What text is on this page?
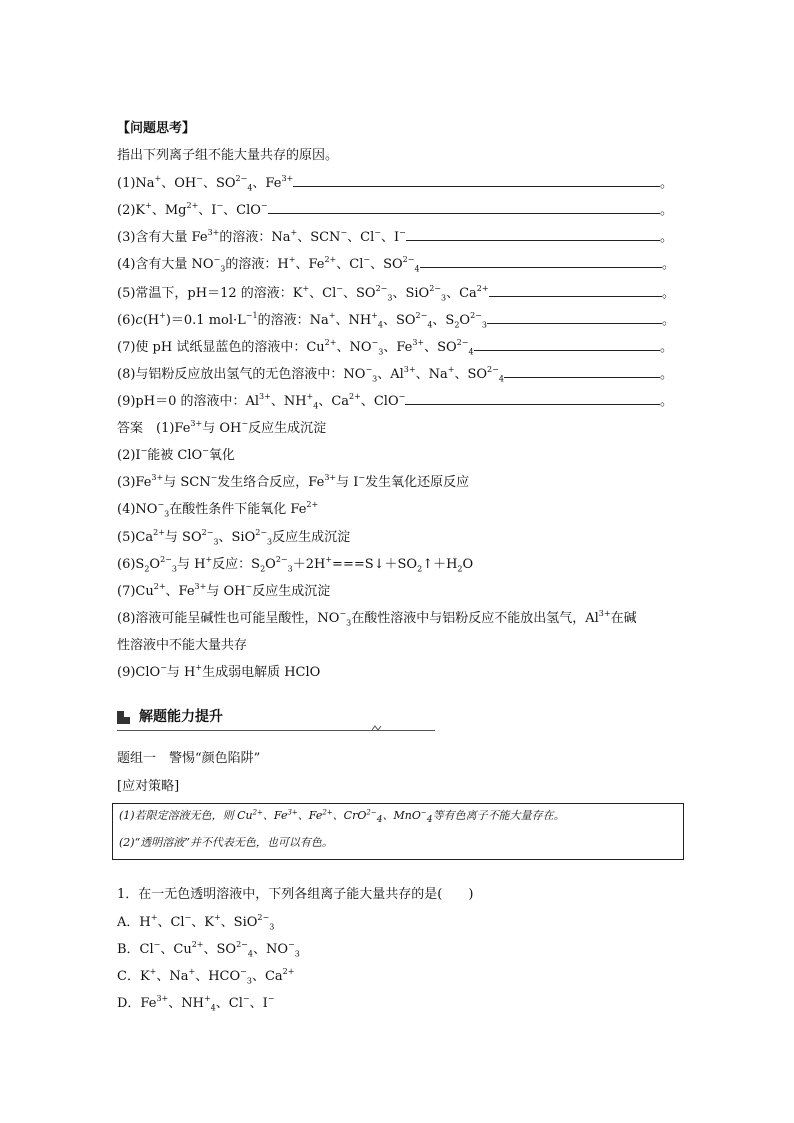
【问题思考】
指出下列离子组不能大量共存的原因。
(1)Na+、OH−、$SO^{2-}_4$、$Fe^{3+}$	。
(2)K+、$Mg^{2+}$、I−、ClO−	。
(3)含有大量 $Fe^{3+}$的溶液：Na+、SCN−、Cl−、I−	。
(4)含有大量 $NO^-_3$的溶液：H+、$Fe^{2+}$、Cl−、$SO^{2-}_4$	。
(5)常温下，pH＝12 的溶液：K+、Cl−、$SO^{2-}_3$、SiO$^{2-}_3$、$Ca^{2+}$	。
(6)c(H+)＝0.1 $mol\cdot L^{-1}$的溶液：Na+、$NH^+_4$、$SO^{2-}_4$、$S_2O^{2-}_3$	。
(7)使 pH 试纸显蓝色的溶液中：$Cu^{2+}$、$NO^-_3$、$Fe^{3+}$、$SO^{2-}_4$	。
(8)与铝粉反应放出氢气的无色溶液中：$NO^-_3$、$Al^{3+}$、Na+、$SO^{2-}_4$	。
(9)pH＝0 的溶液中：$Al^{3+}$、$NH^+_4$、$Ca^{2+}$、ClO−	。
答案　$(1)Fe^{3+}$与 OH−反应生成沉淀
(2)I−能被 ClO−氧化
$(3)Fe^{3+}$与 SCN−发生络合反应，$Fe^{3+}$与 I−发生氧化还原反应
$(4)NO^-_3$在酸性条件下能氧化 $Fe^{2+}$
$(5)Ca^{2+}$与 $SO^{2-}_3$、SiO$^{2-}_3$反应生成沉淀
$(6)S_2O^{2-}_3$与 H+反应：$S_2O^{2-}_3+2H^+===S↓+SO_2↑+H_2O$
$(7)Cu^{2+}$、$Fe^{3+}$与 OH−反应生成沉淀
(8)溶液可能呈碱性也可能呈酸性，$NO^-_3$在酸性溶液中与铝粉反应不能放出氢气，$Al^{3+}$在碱
性溶液中不能大量共存
(9)ClO−与 H+生成弱电解质 HClO
解题能力提升
题组一　警惕“颜色陷阱”
[应对策略]
(1)若限定溶液无色，则 $Cu^{2+}$、$Fe^{3+}$、$Fe^{2+}$、CrO$^{2-}_4$、MnO−$_4$等有色离子不能大量存在。
(2)“透明溶液”并不代表无色，也可以有色。
1．在一无色透明溶液中，下列各组离子能大量共存的是(　　)
A．H+、Cl−、K+、SiO$^{2-}_3$
B．Cl−、$Cu^{2+}$、$SO^{2-}_4$、$NO^-_3$
C．K+、Na+、$HCO^-_3$、$Ca^{2+}$
D．$Fe^{3+}$、$NH^+_4$、Cl−、I−
